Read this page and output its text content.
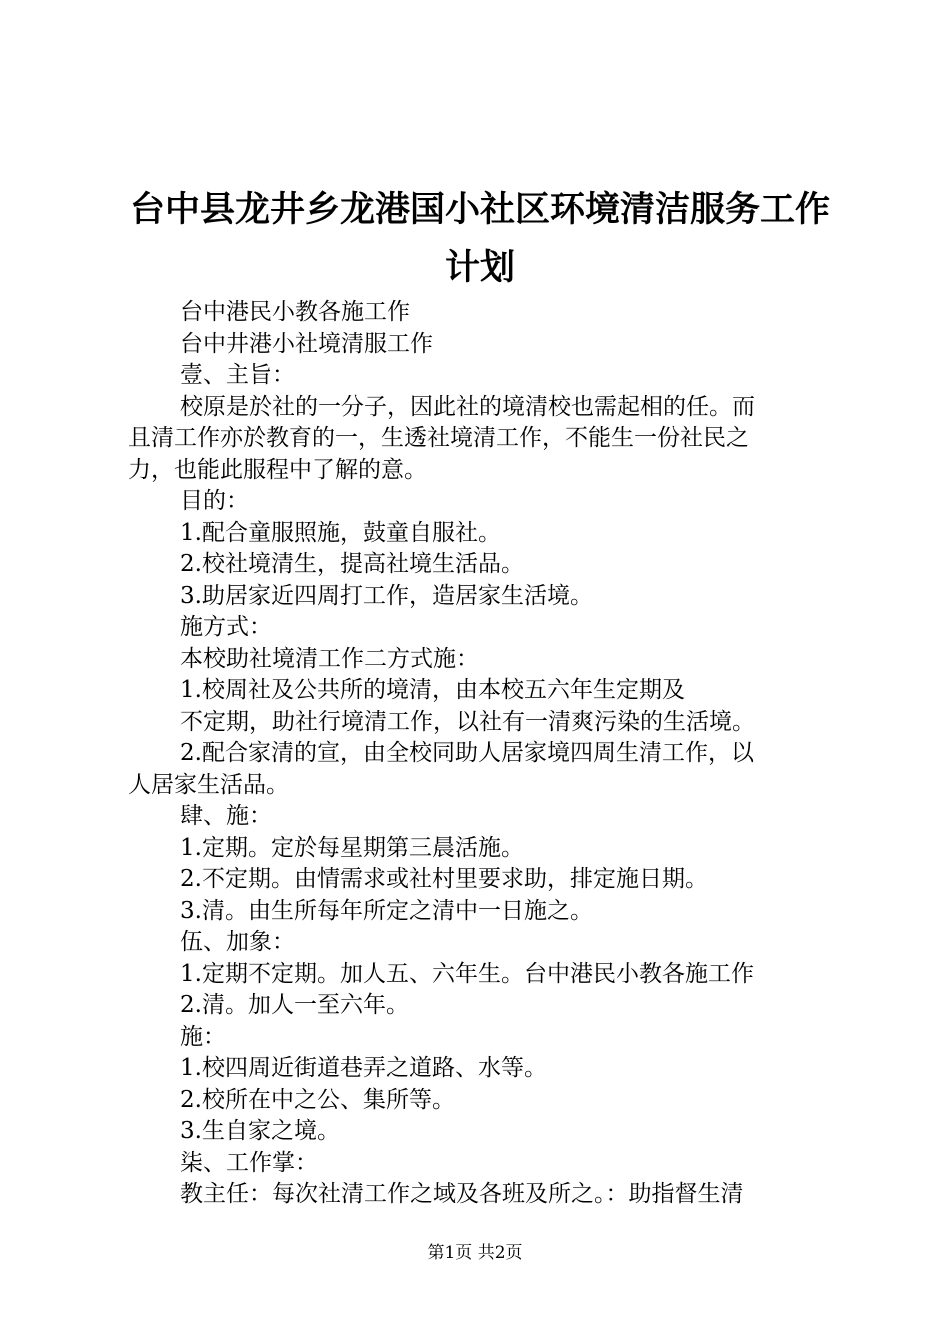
台中县龙井乡龙港国小社区环境清洁服务工作
计划
台中港民小教各施工作
台中井港小社境清服工作
壹、主旨：
校原是於社的一分子，因此社的境清校也需起相的任。而
且清工作亦於教育的一，生透社境清工作，不能生一份社民之
力，也能此服程中了解的意。
目的：
1.配合童服照施，鼓童自服社。
2.校社境清生，提高社境生活品。
3.助居家近四周打工作，造居家生活境。
施方式：
本校助社境清工作二方式施：
1.校周社及公共所的境清，由本校五六年生定期及
不定期，助社行境清工作，以社有一清爽污染的生活境。
2.配合家清的宣，由全校同助人居家境四周生清工作，以
人居家生活品。
肆、施：
1.定期。定於每星期第三晨活施。
2.不定期。由情需求或社村里要求助，排定施日期。
3.清。由生所每年所定之清中一日施之。
伍、加象：
1.定期不定期。加人五、六年生。台中港民小教各施工作
2.清。加人一至六年。
施：
1.校四周近街道巷弄之道路、水等。
2.校所在中之公、集所等。
3.生自家之境。
柒、工作掌：
教主任：每次社清工作之域及各班及所之。：助指督生清
第1页 共2页
